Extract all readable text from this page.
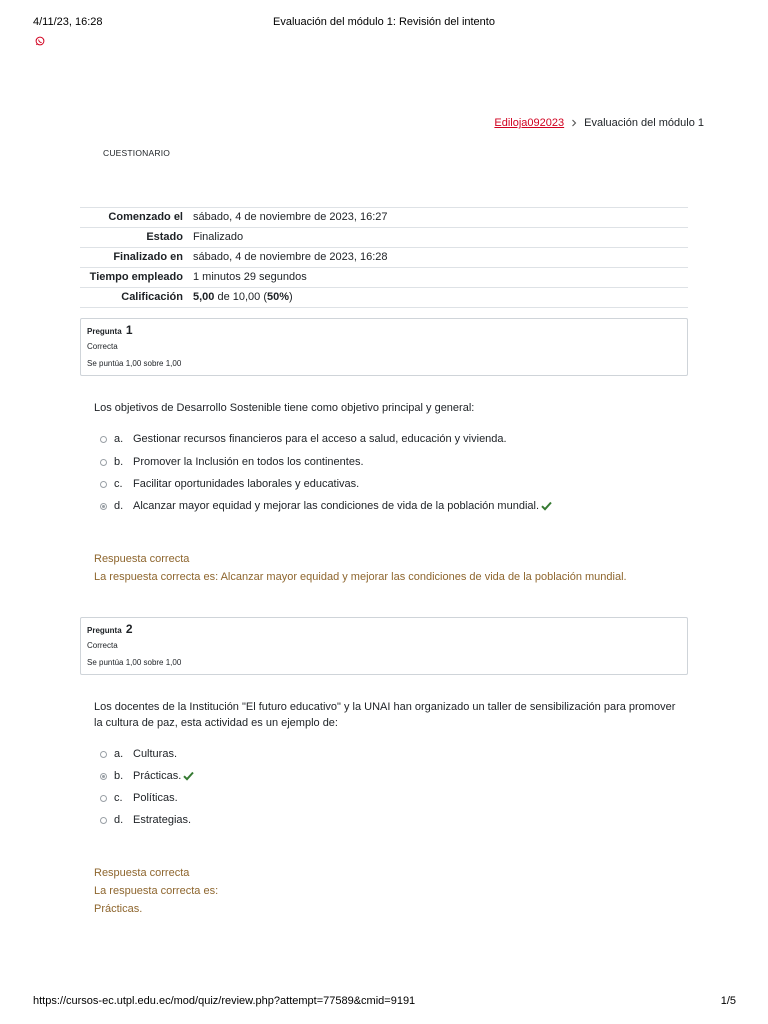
4/11/23, 16:28	Evaluación del módulo 1: Revisión del intento
Ediloja092023 Evaluación del módulo 1
CUESTIONARIO
Comenzado el	sábado, 4 de noviembre de 2023, 16:27
Estado	Finalizado
Finalizado en	sábado, 4 de noviembre de 2023, 16:28
Tiempo empleado	1 minutos 29 segundos
Calificación	5,00 de 10,00 (50%)
Pregunta 1
Correcta
Se puntúa 1,00 sobre 1,00
Los objetivos de Desarrollo Sostenible tiene como objetivo principal y general:
a. Gestionar recursos financieros para el acceso a salud, educación y vivienda.
b. Promover la Inclusión en todos los continentes.
c. Facilitar oportunidades laborales y educativas.
d. Alcanzar mayor equidad y mejorar las condiciones de vida de la población mundial.
Respuesta correcta
La respuesta correcta es: Alcanzar mayor equidad y mejorar las condiciones de vida de la población mundial.
Pregunta 2
Correcta
Se puntúa 1,00 sobre 1,00
Los docentes de la Institución "El futuro educativo" y la UNAI han organizado un taller de sensibilización para promover la cultura de paz, esta actividad es un ejemplo de:
a. Culturas.
b. Prácticas.
c. Políticas.
d. Estrategias.
Respuesta correcta
La respuesta correcta es:
Prácticas.
https://cursos-ec.utpl.edu.ec/mod/quiz/review.php?attempt=77589&cmid=9191	1/5
